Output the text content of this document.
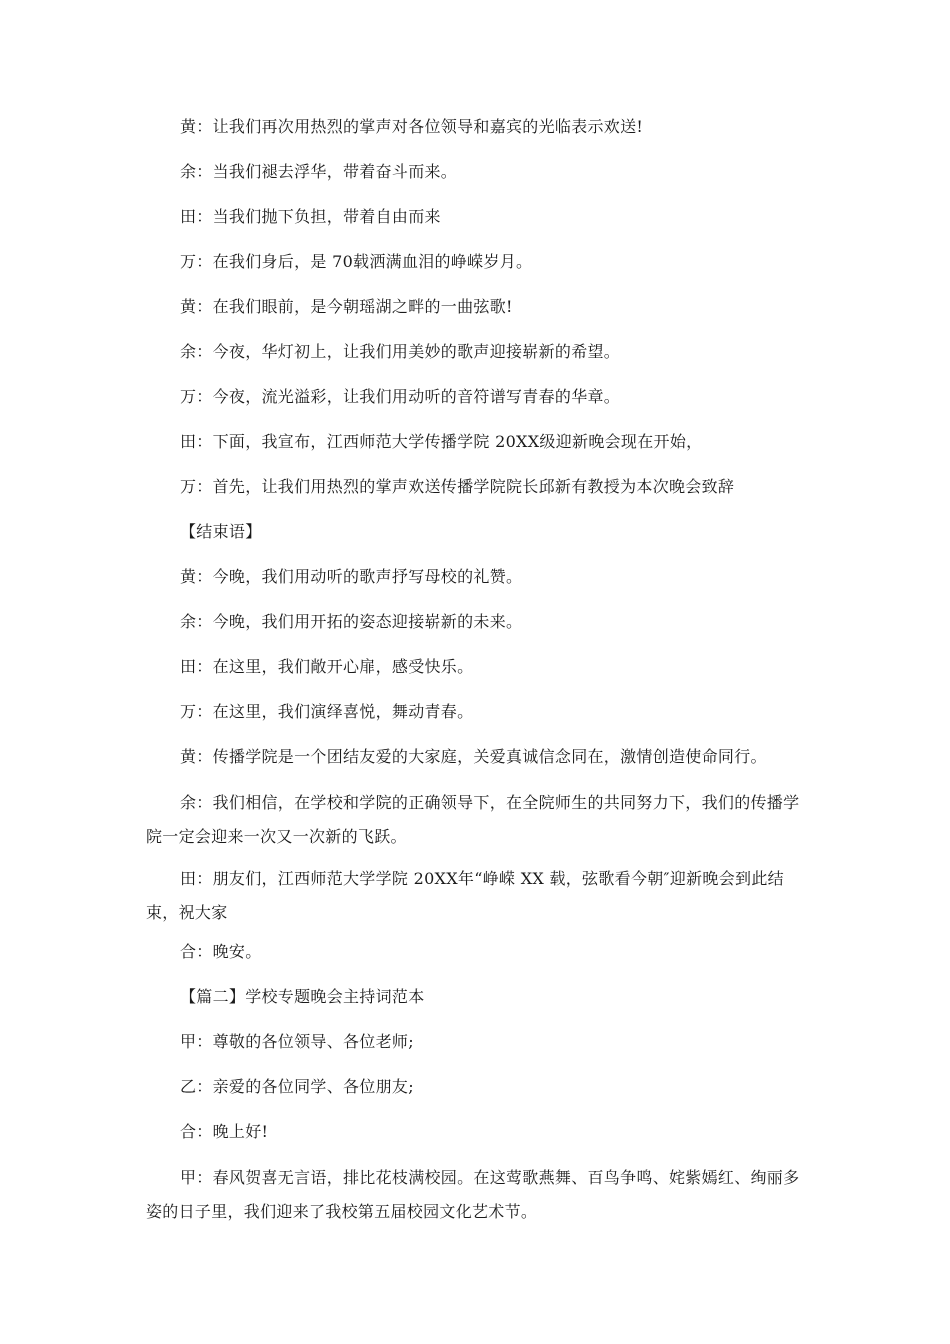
黄：让我们再次用热烈的掌声对各位领导和嘉宾的光临表示欢送!
余：当我们褪去浮华，带着奋斗而来。
田：当我们抛下负担，带着自由而来
万：在我们身后，是 70载洒满血泪的峥嵘岁月。
黄：在我们眼前，是今朝瑶湖之畔的一曲弦歌!
余：今夜，华灯初上，让我们用美妙的歌声迎接崭新的希望。
万：今夜，流光溢彩，让我们用动听的音符谱写青春的华章。
田：下面，我宣布，江西师范大学传播学院 20XX级迎新晚会现在开始，
万：首先，让我们用热烈的掌声欢送传播学院院长邱新有教授为本次晚会致辞
【结束语】
黄：今晚，我们用动听的歌声抒写母校的礼赞。
余：今晚，我们用开拓的姿态迎接崭新的未来。
田：在这里，我们敞开心扉，感受快乐。
万：在这里，我们演绎喜悦，舞动青春。
黄：传播学院是一个团结友爱的大家庭，关爱真诚信念同在，激情创造使命同行。
余：我们相信，在学校和学院的正确领导下，在全院师生的共同努力下，我们的传播学院一定会迎来一次又一次新的飞跃。
田：朋友们，江西师范大学学院 20XX年“峥嵘 XX 载，弦歌看今朝″迎新晚会到此结束，祝大家
合：晚安。
【篇二】学校专题晚会主持词范本
甲：尊敬的各位领导、各位老师;
乙：亲爱的各位同学、各位朋友;
合：晚上好!
甲：春风贺喜无言语，排比花枝满校园。在这莺歌燕舞、百鸟争鸣、姹紫嫣红、绚丽多姿的日子里，我们迎来了我校第五届校园文化艺术节。
